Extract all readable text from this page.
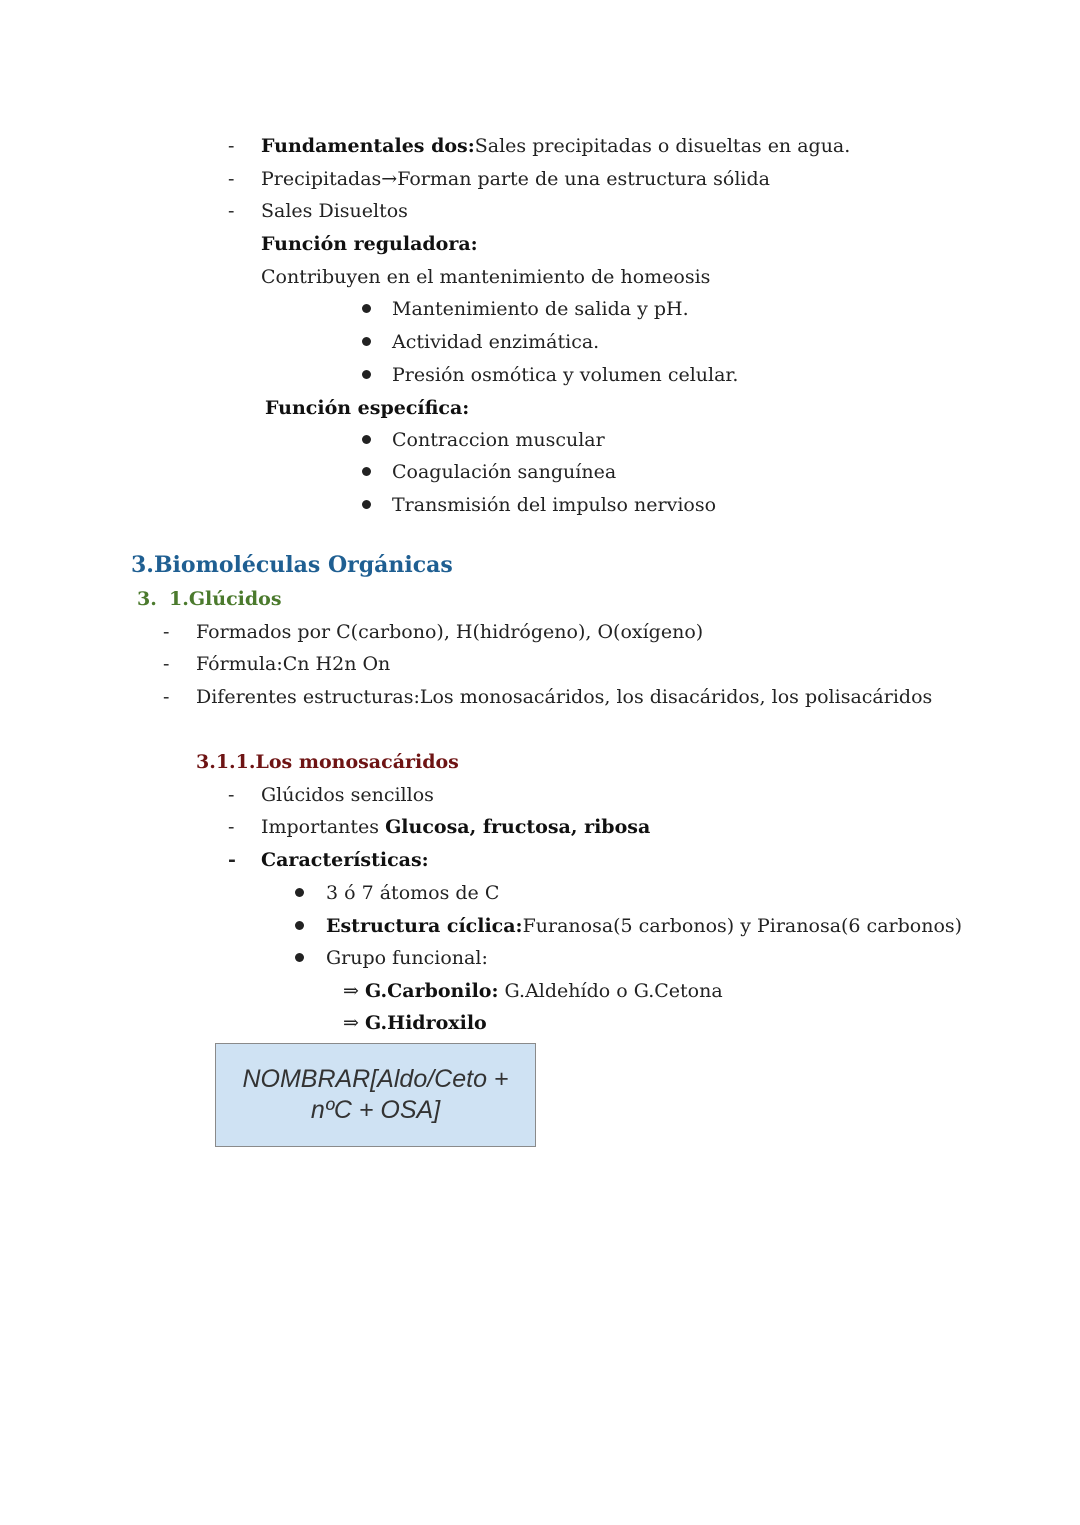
- Fundamentales dos:Sales precipitadas o disueltas en agua.
- Precipitadas→Forman parte de una estructura sólida
- Sales Disueltos
Función reguladora:
Contribuyen en el mantenimiento de homeosis
Mantenimiento de salida y pH.
Actividad enzimática.
Presión osmótica y volumen celular.
Función específica:
Contraccion muscular
Coagulación sanguínea
Transmisión del impulso nervioso
3.Biomoléculas Orgánicas
3. 1.Glúcidos
- Formados por C(carbono), H(hidrógeno), O(oxígeno)
- Fórmula:Cn H2n On
- Diferentes estructuras:Los monosacáridos, los disacáridos, los polisacáridos
3.1.1.Los monosacáridos
- Glúcidos sencillos
- Importantes Glucosa, fructosa, ribosa
- Características:
3 ó 7 átomos de C
Estructura cíclica:Furanosa(5 carbonos) y Piranosa(6 carbonos)
Grupo funcional:
⇒ G.Carbonilo: G.Aldehído o G.Cetona
⇒ G.Hidroxilo
NOMBRAR[Aldo/Ceto +
nºC + OSA]
